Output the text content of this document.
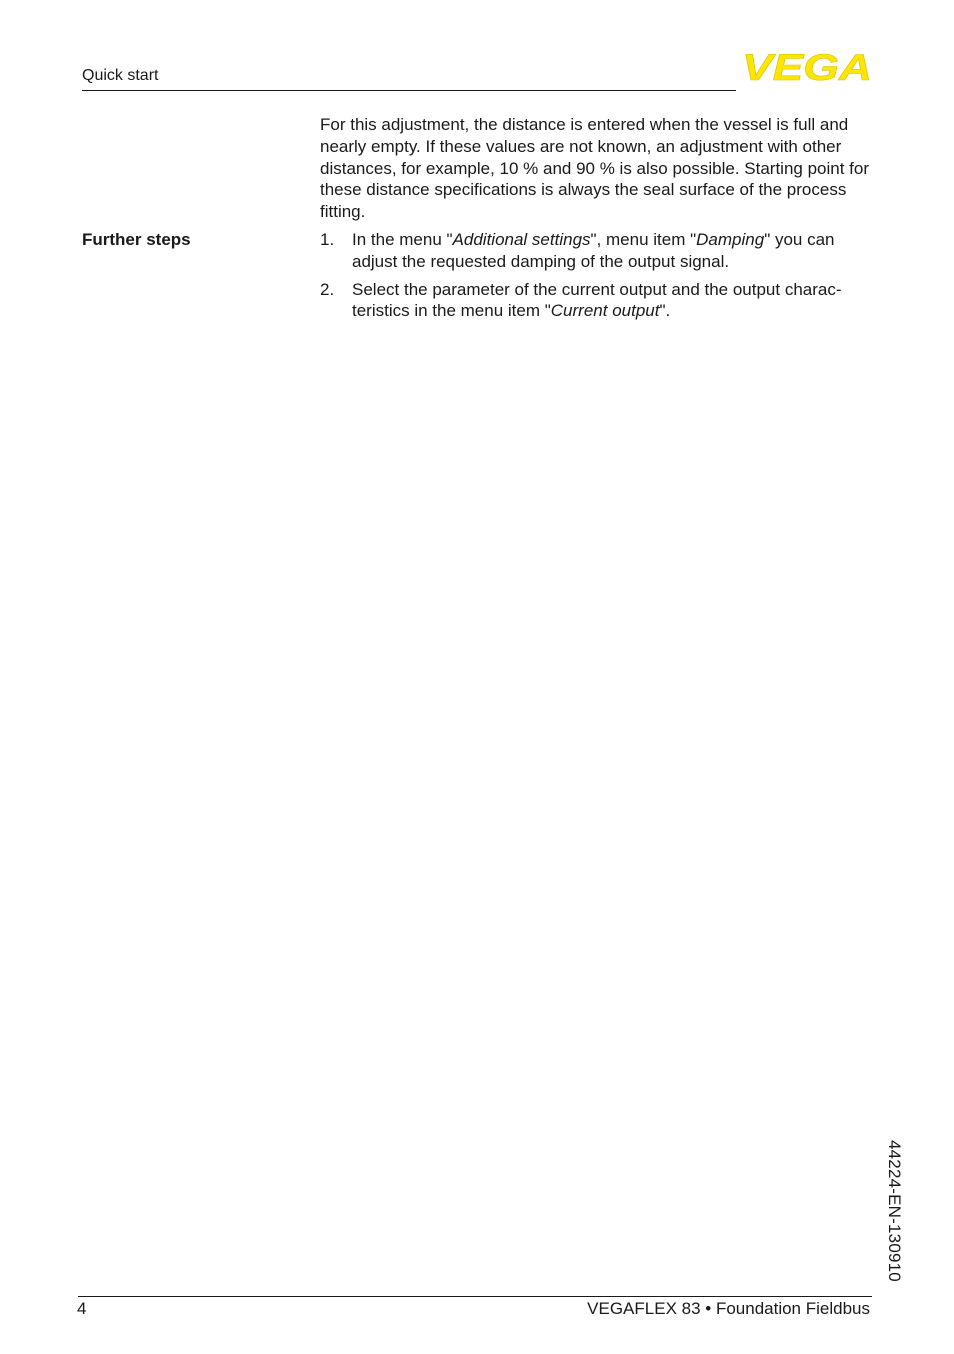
Quick start	VEGA

For this adjustment, the distance is entered when the vessel is full and nearly empty. If these values are not known, an adjustment with other distances, for example, 10 % and 90 % is also possible. Starting point for these distance specifications is always the seal surface of the process fitting.

Further steps	1. In the menu "Additional settings", menu item "Damping" you can adjust the requested damping of the output signal.
2. Select the parameter of the current output and the output charac-teristics in the menu item "Current output".
44224-EN-130910
4	VEGAFLEX 83 • Foundation Fieldbus
